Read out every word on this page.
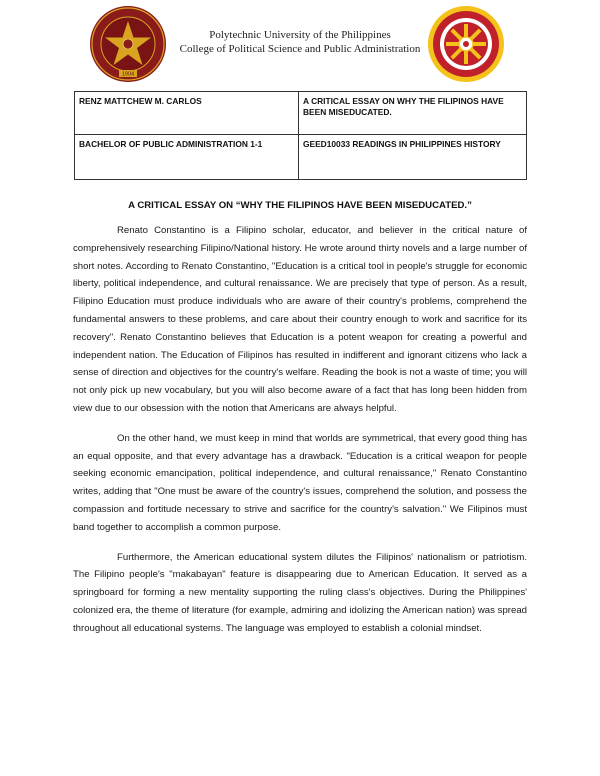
1904
Polytechnic University of the Philippines
College of Political Science and Public Administration
RENZ MATTCHEW M. CARLOS	A CRITICAL ESSAY ON WHY THE FILIPINOS HAVE BEEN MISEDUCATED.
BACHELOR OF PUBLIC ADMINISTRATION 1-1	GEED10033 READINGS IN PHILIPPINES HISTORY
A CRITICAL ESSAY ON “WHY THE FILIPINOS HAVE BEEN MISEDUCATED.”

Renato Constantino is a Filipino scholar, educator, and believer in the critical nature of comprehensively researching Filipino/National history. He wrote around thirty novels and a large number of short notes. According to Renato Constantino, "Education is a critical tool in people's struggle for economic liberty, political independence, and cultural renaissance. We are precisely that type of person. As a result, Filipino Education must produce individuals who are aware of their country's problems, comprehend the fundamental answers to these problems, and care about their country enough to work and sacrifice for its recovery". Renato Constantino believes that Education is a potent weapon for creating a powerful and independent nation. The Education of Filipinos has resulted in indifferent and ignorant citizens who lack a sense of direction and objectives for the country's welfare. Reading the book is not a waste of time; you will not only pick up new vocabulary, but you will also become aware of a fact that has long been hidden from view due to our obsession with the notion that Americans are always helpful.

On the other hand, we must keep in mind that worlds are symmetrical, that every good thing has an equal opposite, and that every advantage has a drawback. "Education is a critical weapon for people seeking economic emancipation, political independence, and cultural renaissance," Renato Constantino writes, adding that "One must be aware of the country's issues, comprehend the solution, and possess the compassion and fortitude necessary to strive and sacrifice for the country's salvation." We Filipinos must band together to accomplish a common purpose.

Furthermore, the American educational system dilutes the Filipinos' nationalism or patriotism. The Filipino people's "makabayan" feature is disappearing due to American Education. It served as a springboard for forming a new mentality supporting the ruling class's objectives. During the Philippines' colonized era, the theme of literature (for example, admiring and idolizing the American nation) was spread throughout all educational systems. The language was employed to establish a colonial mindset.
